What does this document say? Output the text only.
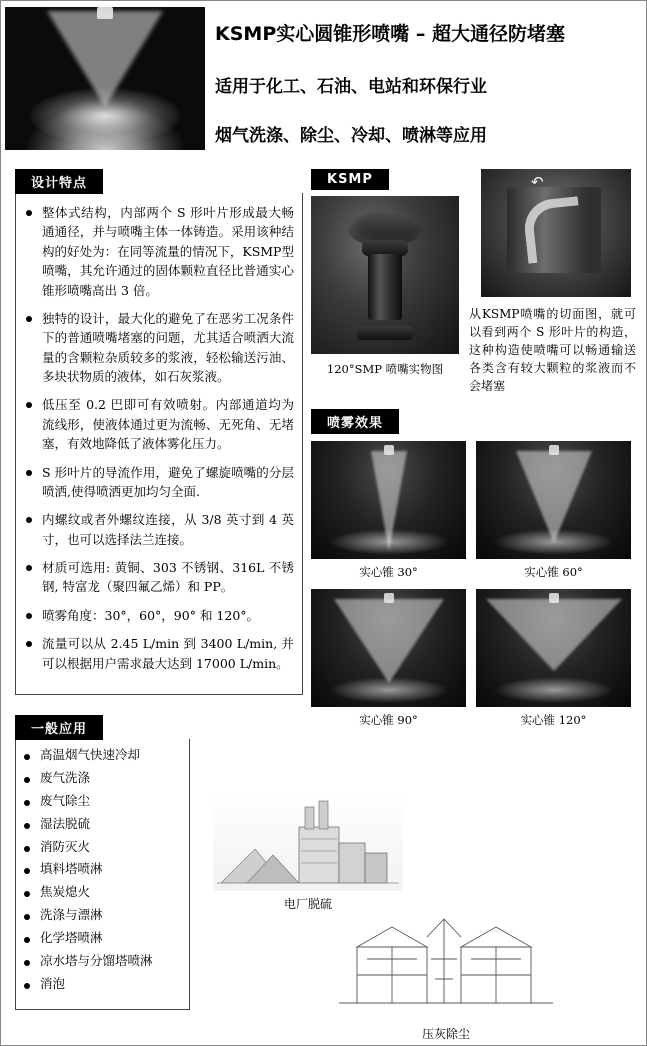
KSMP实心圆锥形喷嘴 – 超大通径防堵塞
适用于化工、石油、电站和环保行业
烟气洗涤、除尘、冷却、喷淋等应用
设计特点
整体式结构，内部两个 S 形叶片形成最大畅通通径，并与喷嘴主体一体铸造。采用该种结构的好处为：在同等流量的情况下，KSMP型喷嘴，其允许通过的固体颗粒直径比普通实心锥形喷嘴高出 3 倍。
独特的设计，最大化的避免了在恶劣工况条件下的普通喷嘴堵塞的问题，尤其适合喷洒大流量的含颗粒杂质较多的浆液，轻松输送污油、多块状物质的液体，如石灰浆液。
低压至 0.2 巴即可有效喷射。内部通道均为流线形，使液体通过更为流畅、无死角、无堵塞，有效地降低了液体雾化压力。
S 形叶片的导流作用，避免了螺旋喷嘴的分层喷洒,使得喷洒更加均匀全面.
内螺纹或者外螺纹连接，从 3/8 英寸到 4 英寸，也可以选择法兰连接。
材质可选用: 黄铜、303 不锈钢、316L 不锈钢, 特富龙（聚四氟乙烯）和 PP。
喷雾角度：30°，60°，90° 和 120°。
流量可以从 2.45 L/min 到 3400 L/min, 并可以根据用户需求最大达到 17000 L/min。
一般应用
高温烟气快速冷却
废气洗涤
废气除尘
湿法脱硫
消防灭火
填料塔喷淋
焦炭熄火
洗涤与漂淋
化学塔喷淋
凉水塔与分馏塔喷淋
消泡
KSMP
120°SMP 喷嘴实物图
↶
从KSMP喷嘴的切面图，就可以看到两个 S 形叶片的构造，这种构造使喷嘴可以畅通输送各类含有较大颗粒的浆液而不会堵塞
喷雾效果
实心锥 30°	实心锥 60°
实心锥 90°	实心锥 120°
电厂脱硫
压灰除尘
